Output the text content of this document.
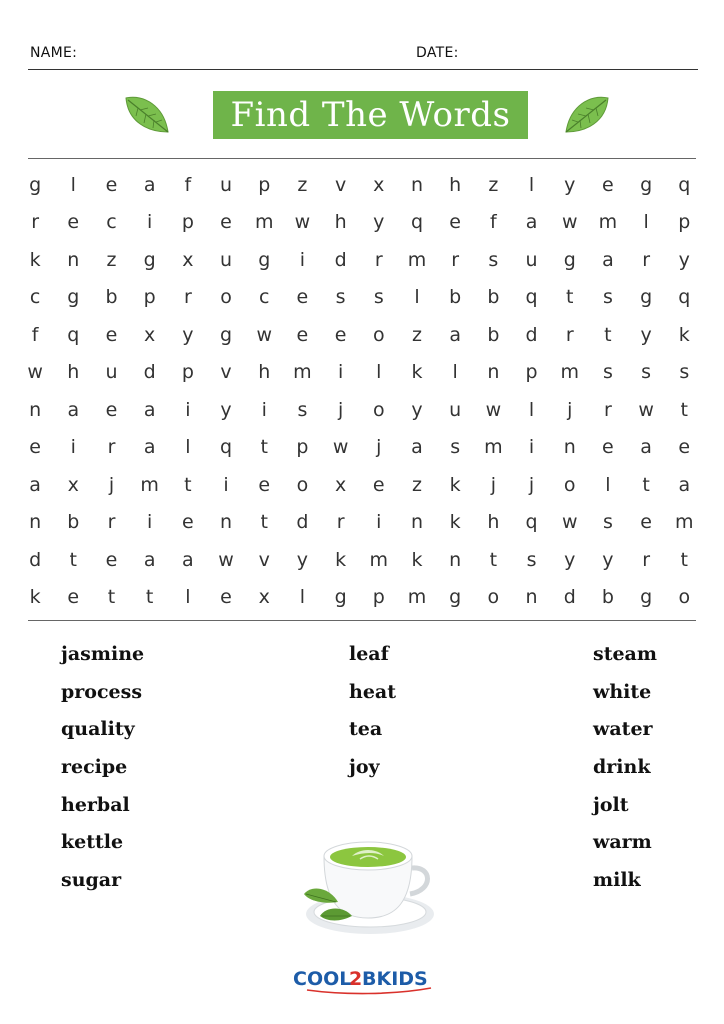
NAME:	DATE:
Find The Words
g	l	e	a	f	u	p	z	v	x	n	h	z	l	y	e	g	q
r	e	c	i	p	e	m	w	h	y	q	e	f	a	w	m	l	p
k	n	z	g	x	u	g	i	d	r	m	r	s	u	g	a	r	y
c	g	b	p	r	o	c	e	s	s	l	b	b	q	t	s	g	q
f	q	e	x	y	g	w	e	e	o	z	a	b	d	r	t	y	k
w	h	u	d	p	v	h	m	i	l	k	l	n	p	m	s	s	s
n	a	e	a	i	y	i	s	j	o	y	u	w	l	j	r	w	t
e	i	r	a	l	q	t	p	w	j	a	s	m	i	n	e	a	e
a	x	j	m	t	i	e	o	x	e	z	k	j	j	o	l	t	a
n	b	r	i	e	n	t	d	r	i	n	k	h	q	w	s	e	m
d	t	e	a	a	w	v	y	k	m	k	n	t	s	y	y	r	t
k	e	t	t	l	e	x	l	g	p	m	g	o	n	d	b	g	o
jasmine
process
quality
recipe
herbal
kettle
sugar
leaf
heat
tea
joy
steam
white
water
drink
jolt
warm
milk
COOL
2 BKIDS
